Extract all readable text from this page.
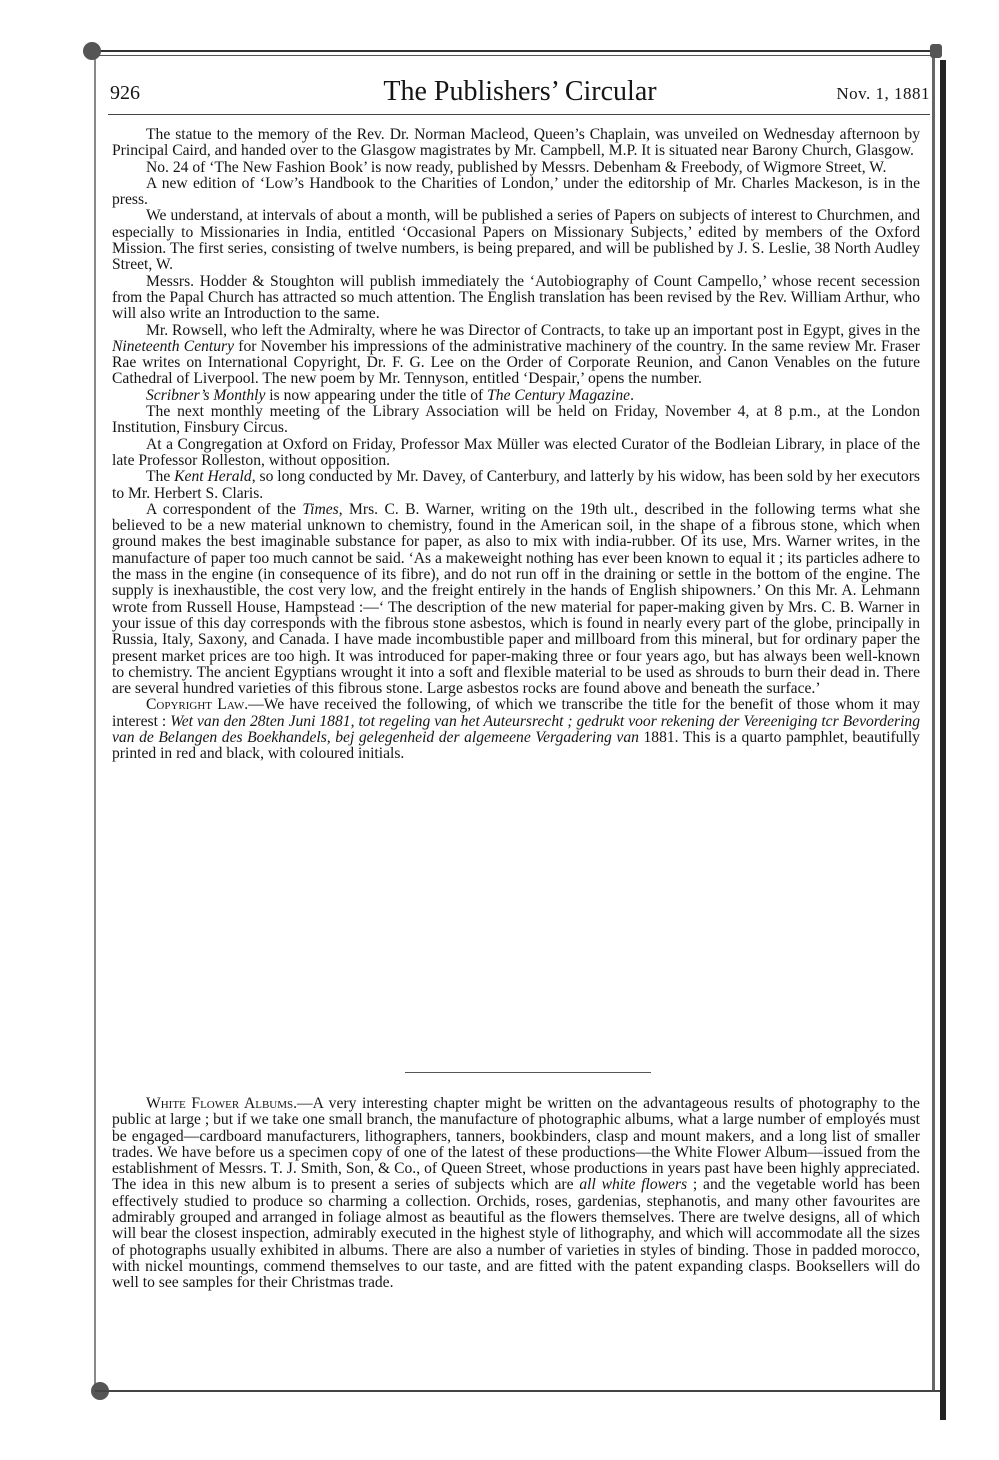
926	The Publishers’ Circular	Nov. 1, 1881

The statue to the memory of the Rev. Dr. Norman Macleod, Queen’s Chaplain, was unveiled on Wednesday afternoon by Principal Caird, and handed over to the Glasgow magistrates by Mr. Campbell, M.P. It is situated near Barony Church, Glasgow.

No. 24 of ‘The New Fashion Book’ is now ready, published by Messrs. Debenham & Freebody, of Wigmore Street, W.

A new edition of ‘Low’s Handbook to the Charities of London,’ under the editorship of Mr. Charles Mackeson, is in the press.

We understand, at intervals of about a month, will be published a series of Papers on subjects of interest to Churchmen, and especially to Missionaries in India, entitled ‘Occasional Papers on Missionary Subjects,’ edited by members of the Oxford Mission. The first series, consisting of twelve numbers, is being prepared, and will be published by J. S. Leslie, 38 North Audley Street, W.

Messrs. Hodder & Stoughton will publish immediately the ‘Autobiography of Count Campello,’ whose recent secession from the Papal Church has attracted so much attention. The English translation has been revised by the Rev. William Arthur, who will also write an Introduction to the same.

Mr. Rowsell, who left the Admiralty, where he was Director of Contracts, to take up an important post in Egypt, gives in the Nineteenth Century for November his impressions of the administrative machinery of the country. In the same review Mr. Fraser Rae writes on International Copyright, Dr. F. G. Lee on the Order of Corporate Reunion, and Canon Venables on the future Cathedral of Liverpool. The new poem by Mr. Tennyson, entitled ‘Despair,’ opens the number.

Scribner’s Monthly is now appearing under the title of The Century Magazine.

The next monthly meeting of the Library Association will be held on Friday, November 4, at 8 p.m., at the London Institution, Finsbury Circus.

At a Congregation at Oxford on Friday, Professor Max Müller was elected Curator of the Bodleian Library, in place of the late Professor Rolleston, without opposition.

The Kent Herald, so long conducted by Mr. Davey, of Canterbury, and latterly by his widow, has been sold by her executors to Mr. Herbert S. Claris.

A correspondent of the Times, Mrs. C. B. Warner, writing on the 19th ult., described in the following terms what she believed to be a new material unknown to chemistry, found in the American soil, in the shape of a fibrous stone, which when ground makes the best imaginable substance for paper, as also to mix with india-rubber. Of its use, Mrs. Warner writes, in the manufacture of paper too much cannot be said. ‘As a makeweight nothing has ever been known to equal it ; its particles adhere to the mass in the engine (in consequence of its fibre), and do not run off in the draining or settle in the bottom of the engine. The supply is inexhaustible, the cost very low, and the freight entirely in the hands of English shipowners.’ On this Mr. A. Lehmann wrote from Russell House, Hampstead :—‘ The description of the new material for paper-making given by Mrs. C. B. Warner in your issue of this day corresponds with the fibrous stone asbestos, which is found in nearly every part of the globe, principally in Russia, Italy, Saxony, and Canada. I have made incombustible paper and millboard from this mineral, but for ordinary paper the present market prices are too high. It was introduced for paper-making three or four years ago, but has always been well-known to chemistry. The ancient Egyptians wrought it into a soft and flexible material to be used as shrouds to burn their dead in. There are several hundred varieties of this fibrous stone. Large asbestos rocks are found above and beneath the surface.’

Copyright Law.—We have received the following, of which we transcribe the title for the benefit of those whom it may interest : Wet van den 28ten Juni 1881, tot regeling van het Auteursrecht ; gedrukt voor rekening der Vereeniging tcr Bevordering van de Belangen des Boekhandels, bej gelegenheid der algemeene Vergadering van 1881. This is a quarto pamphlet, beautifully printed in red and black, with coloured initials.

White Flower Albums.—A very interesting chapter might be written on the advantageous results of photography to the public at large ; but if we take one small branch, the manufacture of photographic albums, what a large number of employés must be engaged—cardboard manufacturers, lithographers, tanners, bookbinders, clasp and mount makers, and a long list of smaller trades. We have before us a specimen copy of one of the latest of these productions—the White Flower Album—issued from the establishment of Messrs. T. J. Smith, Son, & Co., of Queen Street, whose productions in years past have been highly appreciated. The idea in this new album is to present a series of subjects which are all white flowers ; and the vegetable world has been effectively studied to produce so charming a collection. Orchids, roses, gardenias, stephanotis, and many other favourites are admirably grouped and arranged in foliage almost as beautiful as the flowers themselves. There are twelve designs, all of which will bear the closest inspection, admirably executed in the highest style of lithography, and which will accommodate all the sizes of photographs usually exhibited in albums. There are also a number of varieties in styles of binding. Those in padded morocco, with nickel mountings, commend themselves to our taste, and are fitted with the patent expanding clasps. Booksellers will do well to see samples for their Christmas trade.
